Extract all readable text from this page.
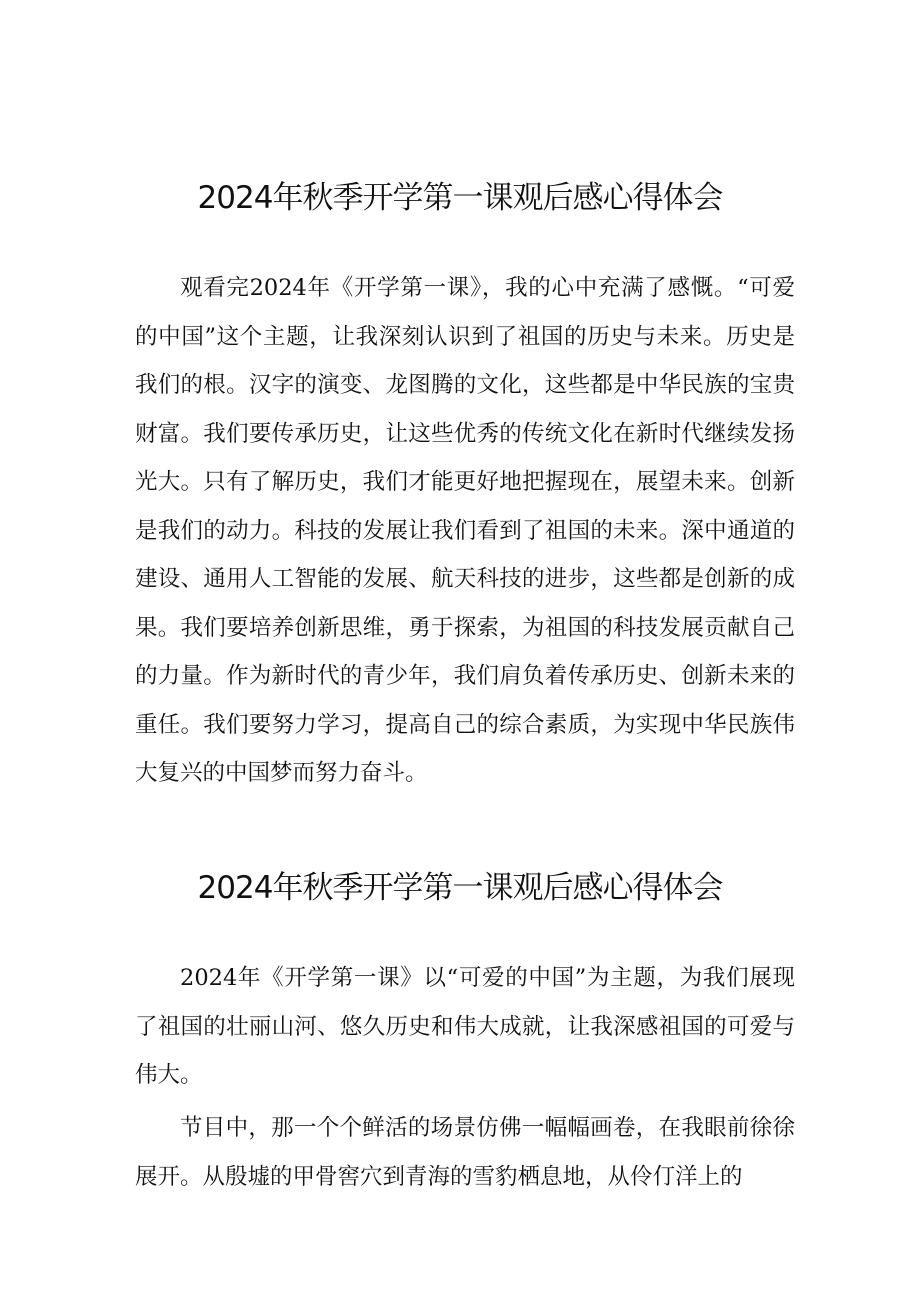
2024年秋季开学第一课观后感心得体会

观看完2024年《开学第一课》，我的心中充满了感慨。“可爱的中国”这个主题，让我深刻认识到了祖国的历史与未来。历史是我们的根。汉字的演变、龙图腾的文化，这些都是中华民族的宝贵财富。我们要传承历史，让这些优秀的传统文化在新时代继续发扬光大。只有了解历史，我们才能更好地把握现在，展望未来。创新是我们的动力。科技的发展让我们看到了祖国的未来。深中通道的建设、通用人工智能的发展、航天科技的进步，这些都是创新的成果。我们要培养创新思维，勇于探索，为祖国的科技发展贡献自己的力量。作为新时代的青少年，我们肩负着传承历史、创新未来的重任。我们要努力学习，提高自己的综合素质，为实现中华民族伟大复兴的中国梦而努力奋斗。

2024年秋季开学第一课观后感心得体会

2024年《开学第一课》以“可爱的中国”为主题，为我们展现了祖国的壮丽山河、悠久历史和伟大成就，让我深感祖国的可爱与伟大。

节目中，那一个个鲜活的场景仿佛一幅幅画卷，在我眼前徐徐展开。从殷墟的甲骨窖穴到青海的雪豹栖息地，从伶仃洋上的
